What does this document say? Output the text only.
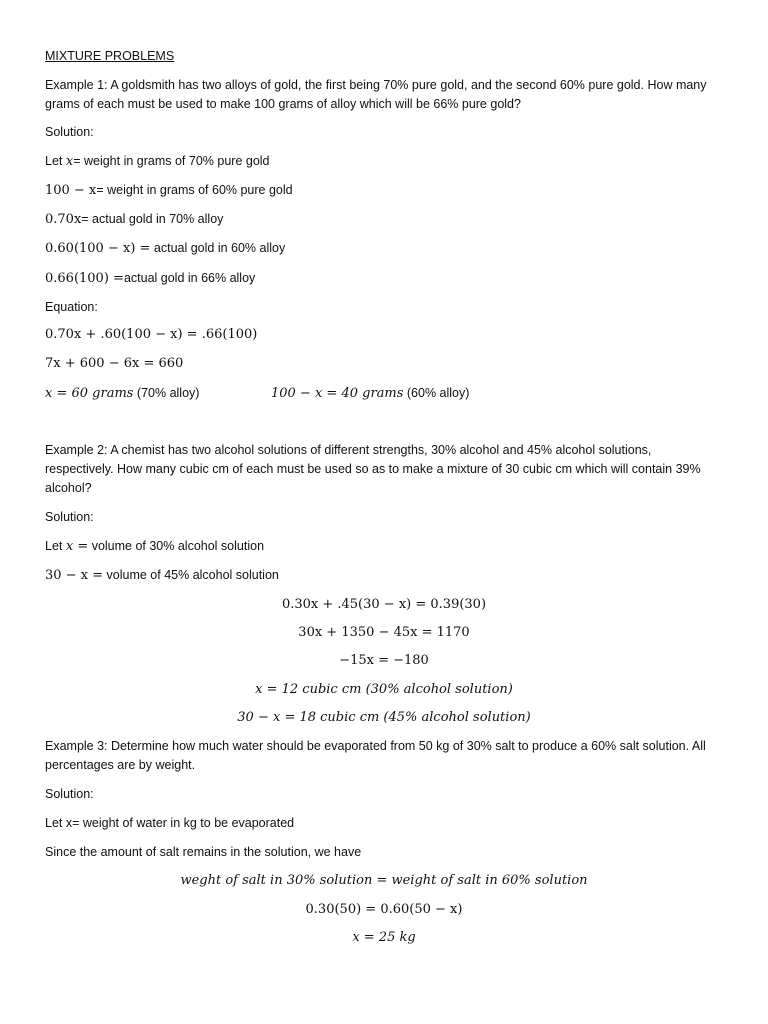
MIXTURE PROBLEMS
Example 1: A goldsmith has two alloys of gold, the first being 70% pure gold, and the second 60% pure gold. How many grams of each must be used to make 100 grams of alloy which will be 66% pure gold?
Solution:
Let x= weight in grams of 70% pure gold
100 − x= weight in grams of 60% pure gold
0.70x= actual gold in 70% alloy
0.60(100 − x) = actual gold in 60% alloy
0.66(100) =actual gold in 66% alloy
Equation:
0.70x + .60(100 − x) = .66(100)
7x + 600 − 6x = 660
x = 60 grams (70% alloy)	100 − x = 40 grams (60% alloy)
Example 2: A chemist has two alcohol solutions of different strengths, 30% alcohol and 45% alcohol solutions, respectively. How many cubic cm of each must be used so as to make a mixture of 30 cubic cm which will contain 39% alcohol?
Solution:
Let x = volume of 30% alcohol solution
30 − x = volume of 45% alcohol solution
0.30x + .45(30 − x) = 0.39(30)
30x + 1350 − 45x = 1170
−15x = −180
x = 12 cubic cm (30% alcohol solution)
30 − x = 18 cubic cm (45% alcohol solution)
Example 3: Determine how much water should be evaporated from 50 kg of 30% salt to produce a 60% salt solution. All percentages are by weight.
Solution:
Let x= weight of water in kg to be evaporated
Since the amount of salt remains in the solution, we have
weght of salt in 30% solution = weight of salt in 60% solution
0.30(50) = 0.60(50 − x)
x = 25 kg
